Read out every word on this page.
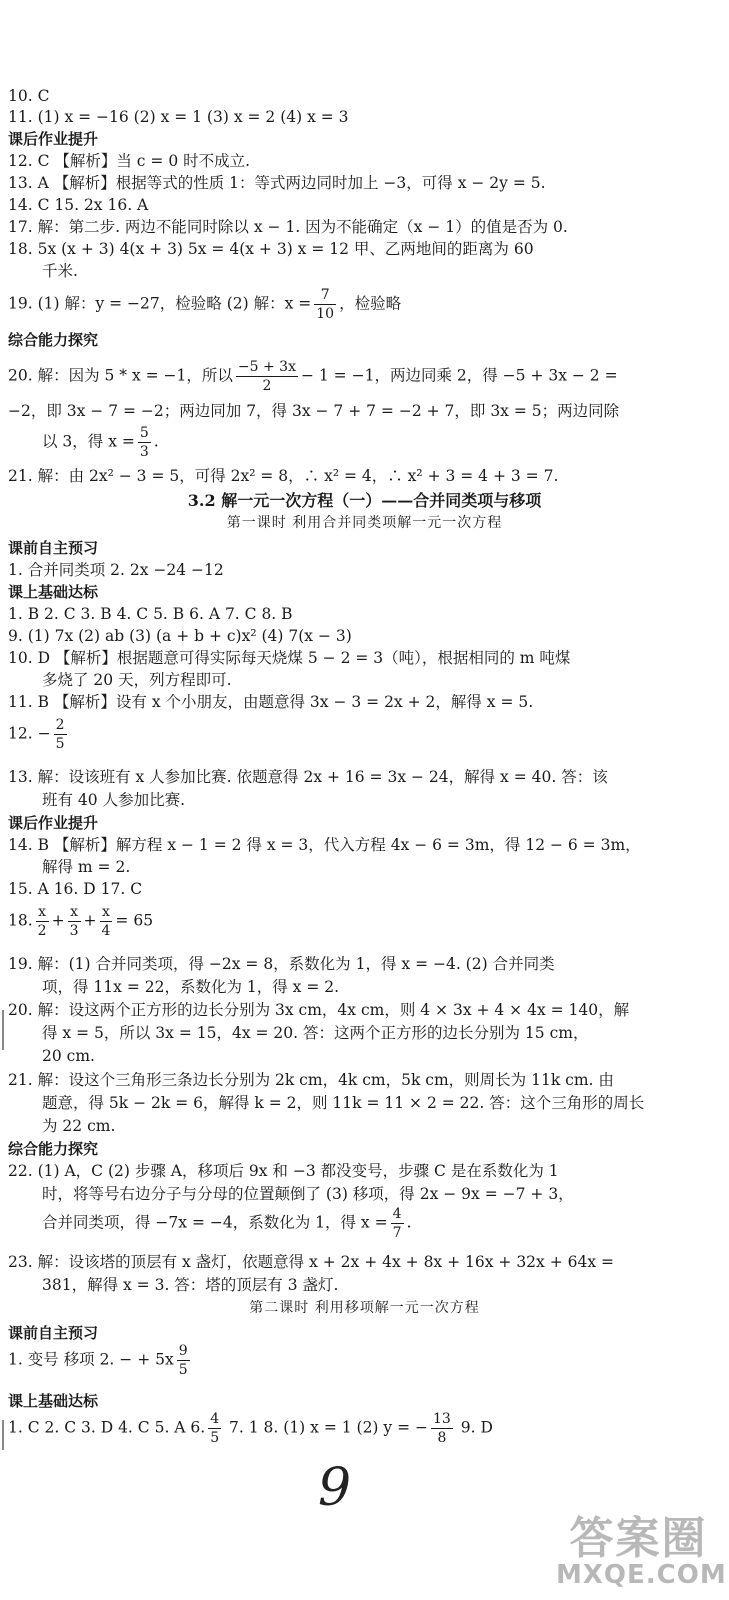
10. C
11. (1) x = −16 (2) x = 1 (3) x = 2 (4) x = 3
课后作业提升
12. C 【解析】当 c = 0 时不成立.
13. A 【解析】根据等式的性质 1：等式两边同时加上 −3，可得 x − 2y = 5.
14. C 15. 2x 16. A
17. 解：第二步. 两边不能同时除以 x − 1. 因为不能确定（x − 1）的值是否为 0.
18. 5x (x + 3) 4(x + 3) 5x = 4(x + 3) x = 12 甲、乙两地间的距离为 60
千米.
19. (1) 解：y = −27，检验略 (2) 解：$x = \frac{7}{10}$ ，检验略
综合能力探究
20. 解：因为 5 * x = −1，所以 $\frac{-5 + 3x}{2} - 1 = -1$，两边同乘 2，得 −5 + 3x − 2 =
−2，即 3x − 7 = −2；两边同加 7，得 3x − 7 + 7 = −2 + 7，即 3x = 5；两边同除
以 3，得 $x = \frac{5}{3}$ .
21. 解：由 2x² − 3 = 5，可得 2x² = 8，∴ x² = 4，∴ x² + 3 = 4 + 3 = 7.
3.2 解一元一次方程（一）——合并同类项与移项
第一课时 利用合并同类项解一元一次方程
课前自主预习
1. 合并同类项 2. 2x −24 −12
课上基础达标
1. B 2. C 3. B 4. C 5. B 6. A 7. C 8. B
9. (1) 7x (2) ab (3) (a + b + c)x² (4) 7(x − 3)
10. D 【解析】根据题意可得实际每天烧煤 5 − 2 = 3（吨），根据相同的 m 吨煤
多烧了 20 天，列方程即可.
11. B 【解析】设有 x 个小朋友，由题意得 3x − 3 = 2x + 2，解得 x = 5.
12. − $\frac{2}{5}$
13. 解：设该班有 x 人参加比赛. 依题意得 2x + 16 = 3x − 24，解得 x = 40. 答：该
班有 40 人参加比赛.
课后作业提升
14. B 【解析】解方程 x − 1 = 2 得 x = 3，代入方程 4x − 6 = 3m，得 12 − 6 = 3m，
解得 m = 2.
15. A 16. D 17. C
18. $\frac{x}{2} + \frac{x}{3} + \frac{x}{4} = 65$
19. 解：(1) 合并同类项，得 −2x = 8，系数化为 1，得 x = −4. (2) 合并同类
项，得 11x = 22，系数化为 1，得 x = 2.
20. 解：设这两个正方形的边长分别为 3x cm，4x cm，则 4 × 3x + 4 × 4x = 140，解
得 x = 5，所以 3x = 15，4x = 20. 答：这两个正方形的边长分别为 15 cm，
20 cm.
21. 解：设这个三角形三条边长分别为 2k cm，4k cm，5k cm，则周长为 11k cm. 由
题意，得 5k − 2k = 6，解得 k = 2，则 11k = 11 × 2 = 22. 答：这个三角形的周长
为 22 cm.
综合能力探究
22. (1) A，C (2) 步骤 A，移项后 9x 和 −3 都没变号，步骤 C 是在系数化为 1
时，将等号右边分子与分母的位置颠倒了 (3) 移项，得 2x − 9x = −7 + 3，
合并同类项，得 −7x = −4，系数化为 1，得 $x = \frac{4}{7}$ .
23. 解：设该塔的顶层有 x 盏灯，依题意得 x + 2x + 4x + 8x + 16x + 32x + 64x =
381，解得 x = 3. 答：塔的顶层有 3 盏灯.
第二课时 利用移项解一元一次方程
课前自主预习
1. 变号 移项 2. − + $5x \frac{9}{5}$
课上基础达标
1. C 2. C 3. D 4. C 5. A 6. $\frac{4}{5} 7$. 1 8. (1) x = 1 (2) y = − $\frac{13}{8} 9$. D
9
答案圈
MXQE.COM
